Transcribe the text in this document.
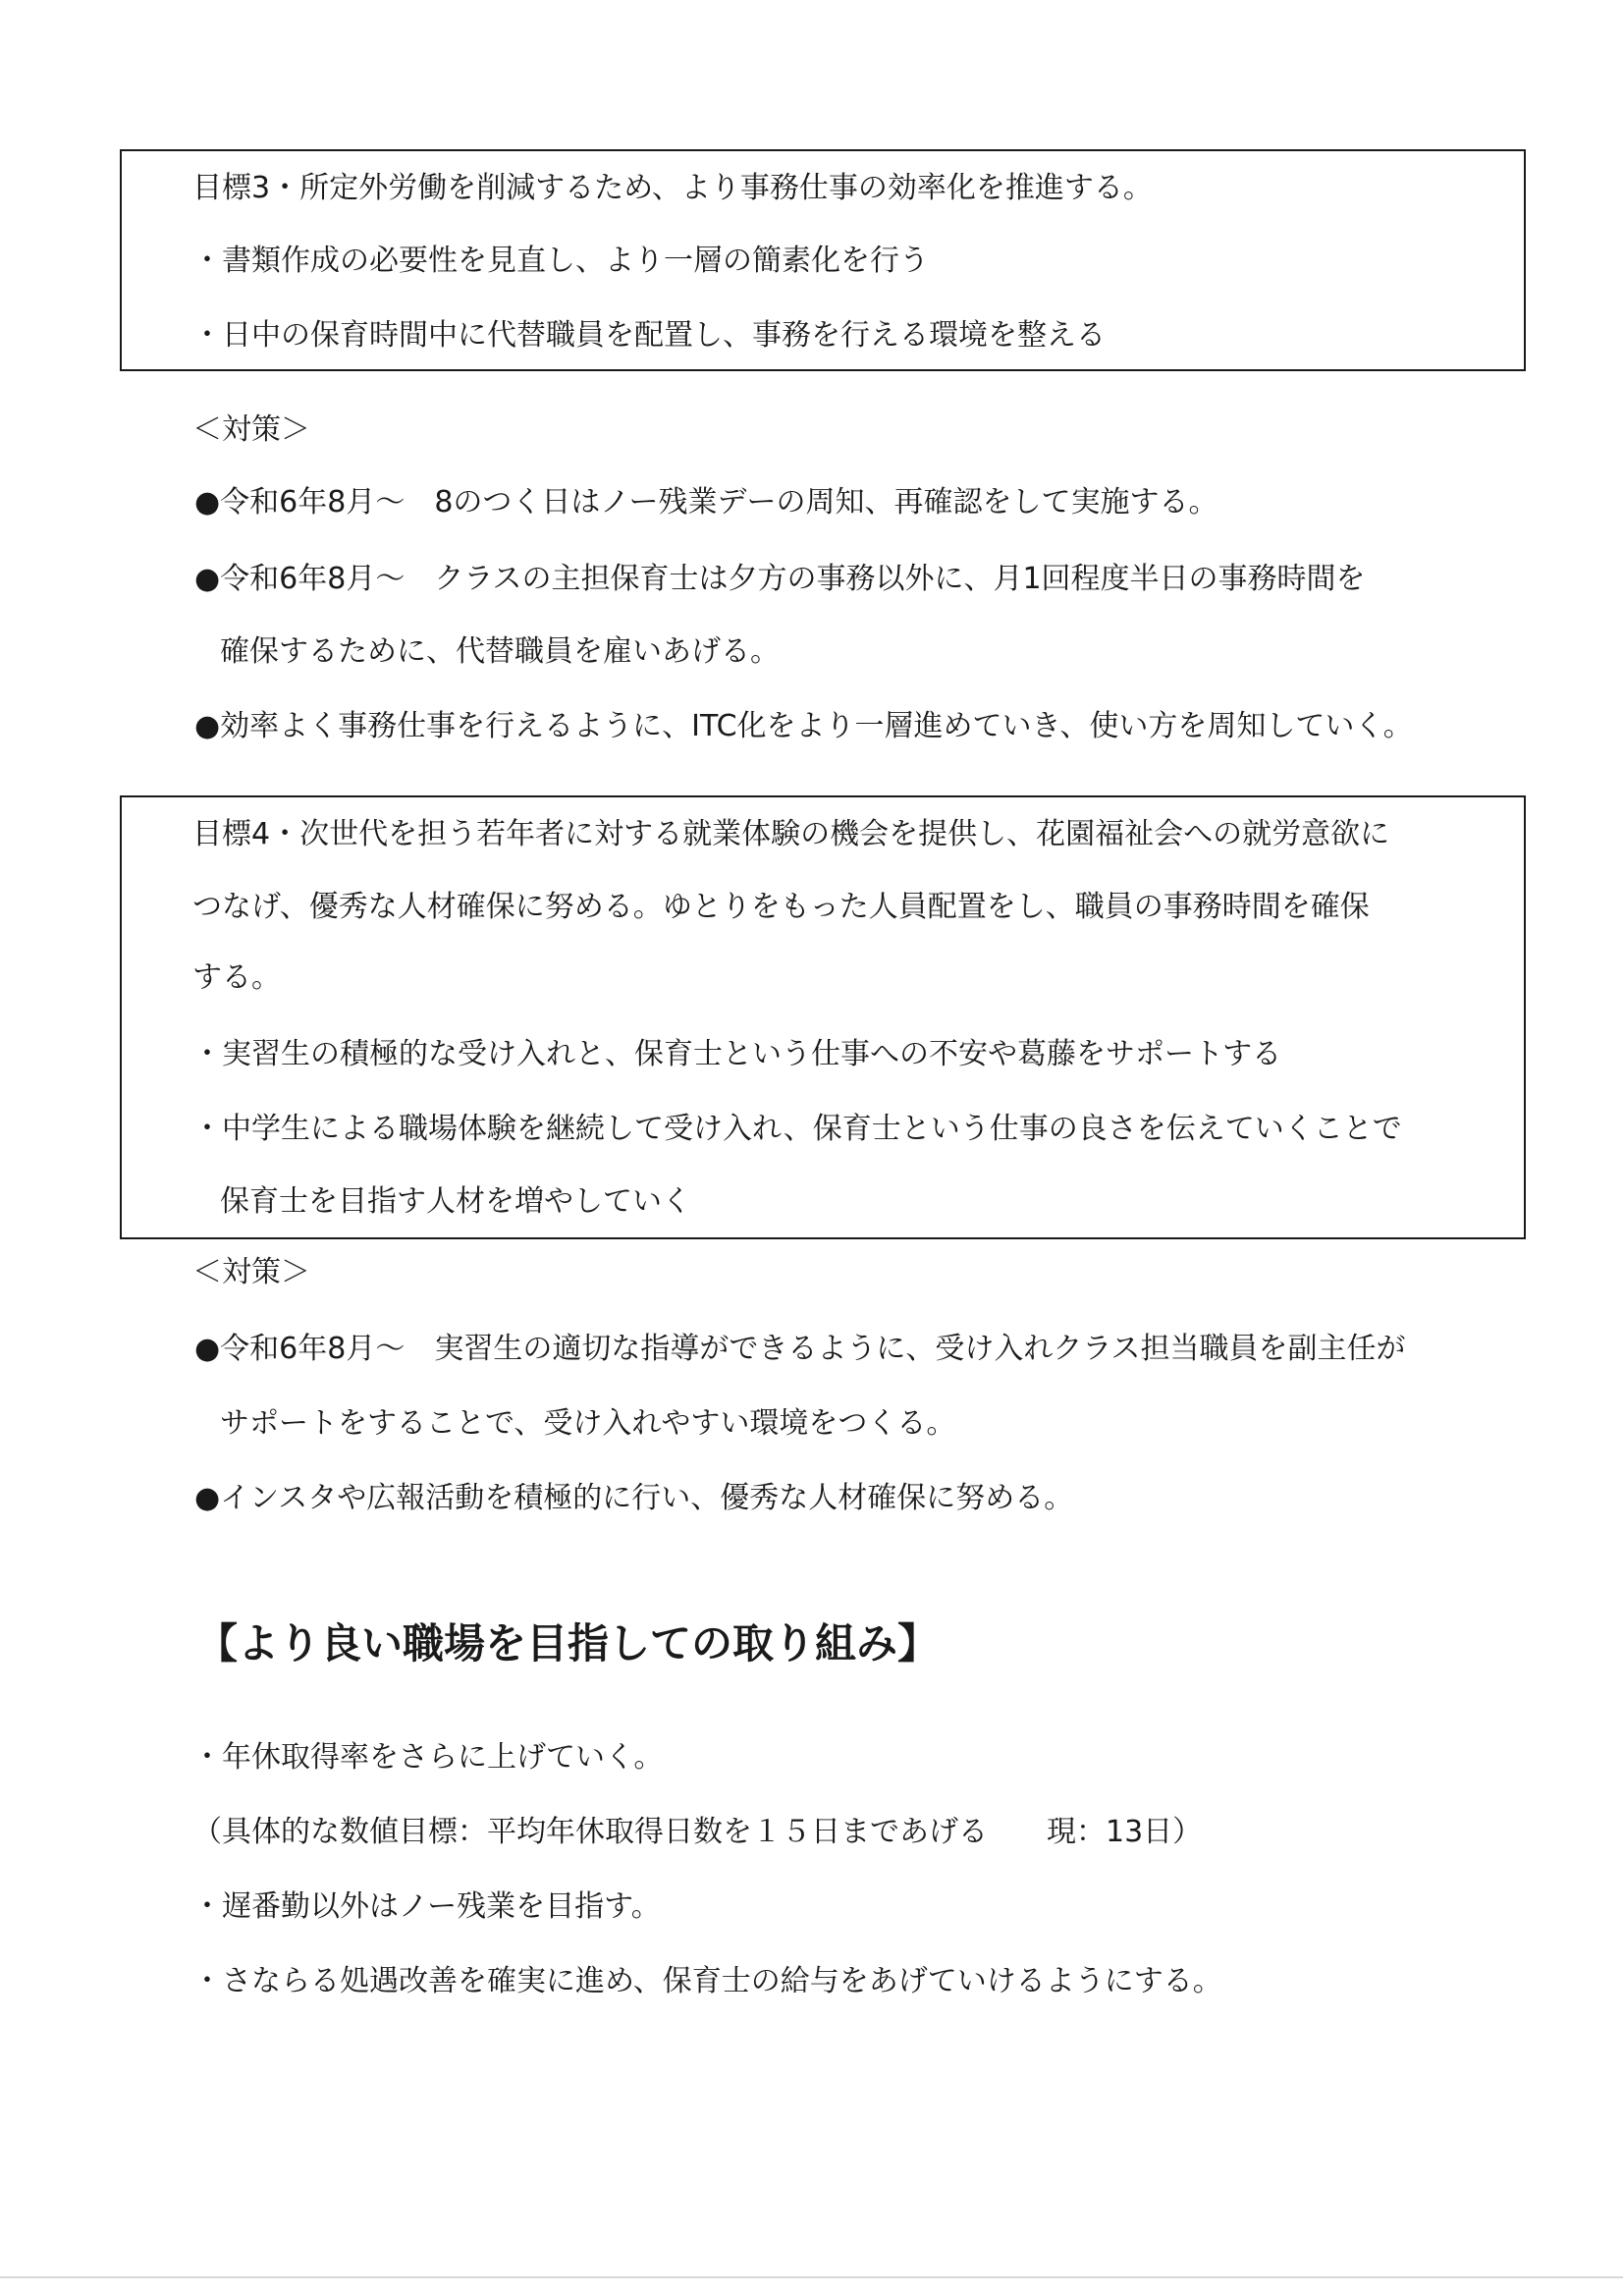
目標3・所定外労働を削減するため、より事務仕事の効率化を推進する。
・書類作成の必要性を見直し、より一層の簡素化を行う
・日中の保育時間中に代替職員を配置し、事務を行える環境を整える
＜対策＞
●令和6年8月～　8のつく日はノー残業デーの周知、再確認をして実施する。
●令和6年8月～　クラスの主担保育士は夕方の事務以外に、月1回程度半日の事務時間を
確保するために、代替職員を雇いあげる。
●効率よく事務仕事を行えるように、ITC化をより一層進めていき、使い方を周知していく。
目標4・次世代を担う若年者に対する就業体験の機会を提供し、花園福祉会への就労意欲に
つなげ、優秀な人材確保に努める。ゆとりをもった人員配置をし、職員の事務時間を確保
する。
・実習生の積極的な受け入れと、保育士という仕事への不安や葛藤をサポートする
・中学生による職場体験を継続して受け入れ、保育士という仕事の良さを伝えていくことで
保育士を目指す人材を増やしていく
＜対策＞
●令和6年8月～　実習生の適切な指導ができるように、受け入れクラス担当職員を副主任が
サポートをすることで、受け入れやすい環境をつくる。
●インスタや広報活動を積極的に行い、優秀な人材確保に努める。
【より良い職場を目指しての取り組み】
・年休取得率をさらに上げていく。
（具体的な数値目標：平均年休取得日数を１５日まであげる　　現：13日）
・遅番勤以外はノー残業を目指す。
・さならる処遇改善を確実に進め、保育士の給与をあげていけるようにする。
